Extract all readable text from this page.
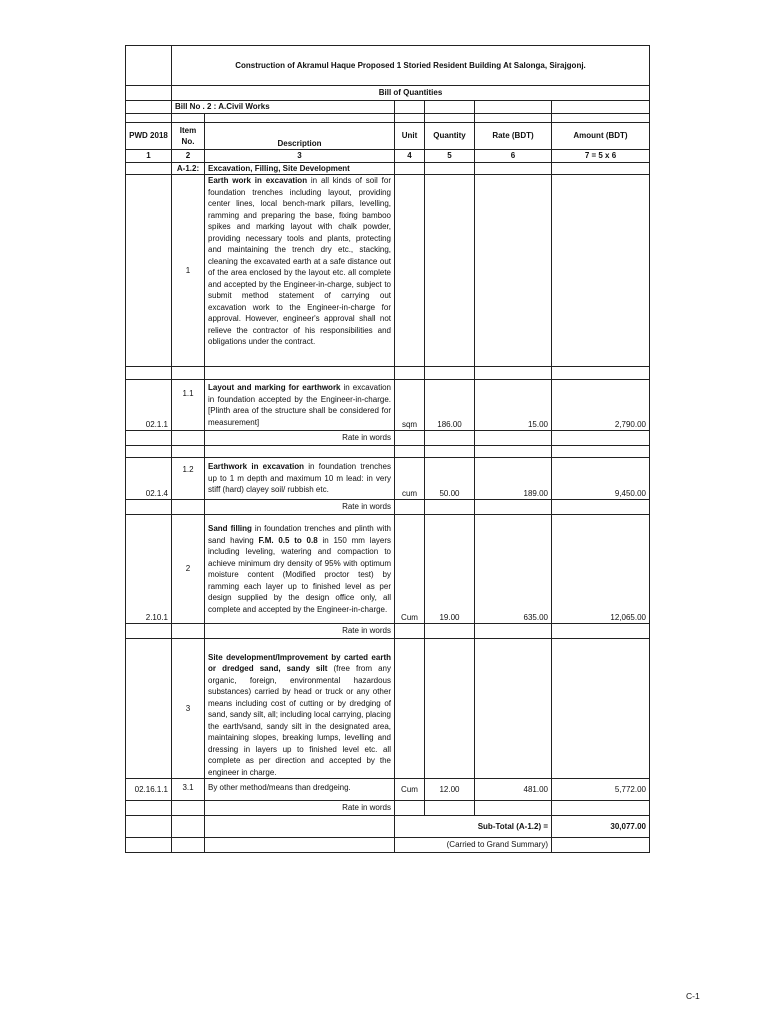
	Construction of Akramul Haque Proposed 1 Storied Resident Building At Salonga, Sirajgonj.					
	Bill of Quantities					
	Bill No . 2 : A.Civil Works					

PWD 2018	Item No.	Description	Unit	Quantity	Rate (BDT)	Amount (BDT)
1	2	3	4	5	6	7 = 5 x 6
	A-1.2:	Excavation, Filling, Site Development				
	1	Earth work in excavation in all kinds of soil for foundation trenches including layout, providing center lines, local bench-mark pillars, levelling, ramming and preparing the base, fixing bamboo spikes and marking layout with chalk powder, providing necessary tools and plants, protecting and maintaining the trench dry etc., stacking, cleaning the excavated earth at a safe distance out of the area enclosed by the layout etc. all complete and accepted by the Engineer-in-charge, subject to submit method statement of carrying out excavation work to the Engineer-in-charge for approval. However, engineer's approval shall not relieve the contractor of his responsibilities and obligations under the contract.				

02.1.1	1.1	Layout and marking for earthwork in excavation in foundation accepted by the Engineer-in-charge. [Plinth area of the structure shall be considered for measurement]	sqm	186.00	15.00	2,790.00
		Rate in words				

02.1.4	1.2	Earthwork in excavation in foundation trenches up to 1 m depth and maximum 10 m lead: in very stiff (hard) clayey soil/ rubbish etc.	cum	50.00	189.00	9,450.00
		Rate in words				
2.10.1	2	Sand filling in foundation trenches and plinth with sand having F.M. 0.5 to 0.8 in 150 mm layers including leveling, watering and compaction to achieve minimum dry density of 95% with optimum moisture content (Modified proctor test) by ramming each layer up to finished level as per design supplied by the design office only, all complete and accepted by the Engineer-in-charge.	Cum	19.00	635.00	12,065.00
		Rate in words				
	3	Site development/Improvement by carted earth or dredged sand, sandy silt (free from any organic, foreign, environmental hazardous substances) carried by head or truck or any other means including cost of cutting or by dredging of sand, sandy silt, all; including local carrying, placing the earth/sand, sandy silt in the designated area, maintaining slopes, breaking lumps, levelling and dressing in layers up to finished level etc. all complete as per direction and accepted by the engineer in charge.				
02.16.1.1	3.1	By other method/means than dredgeing.	Cum	12.00	481.00	5,772.00
		Rate in words				
			Sub-Total (A-1.2) =			30,077.00
			(Carried to Grand Summary)			
C-1
